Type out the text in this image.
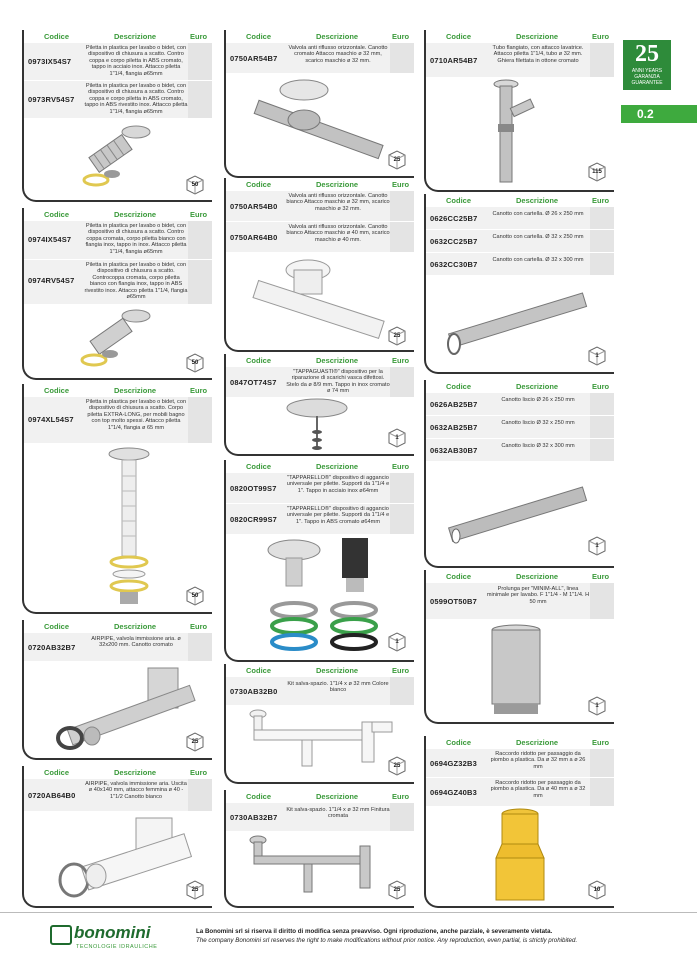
Codice	Descrizione	Euro
0973IX54S7
Piletta in plastica per lavabo o bidet, con dispositivo di chiusura a scatto. Contro coppa e corpo piletta in ABS cromato, tappo in acciaio inox. Attacco piletta 1"1/4, flangia ø65mm
0973RV54S7
Piletta in plastica per lavabo o bidet, con dispositivo di chiusura a scatto. Contro coppa e corpo piletta in ABS cromato, tappo in ABS rivestito inox. Attacco piletta 1"1/4, flangia ø65mm
50
Codice	Descrizione	Euro
0974IX54S7
Piletta in plastica per lavabo o bidet, con dispositivo di chiusura a scatto. Contro coppa cromata, corpo piletta bianco con flangia inox, tappo in inox. Attacco piletta 1"1/4, flangia ø65mm
0974RV54S7
Piletta in plastica per lavabo o bidet, con dispositivo di chiusura a scatto. Controcoppa cromata, corpo piletta bianco con flangia inox, tappo in ABS rivestito inox. Attacco piletta 1"1/4, flangia ø65mm
50
Codice	Descrizione	Euro
0974XL54S7
Piletta in plastica per lavabo o bidet, con dispositivo di chiusura a scatto. Corpo piletta EXTRA-LONG, per mobili bagno con top molto spessi. Attacco piletta 1"1/4, flangia ø 65 mm
50
Codice	Descrizione	Euro
0720AB32B7
AIRPIPE, valvola immissione aria. ø 32x200 mm. Canotto cromato
25
Codice	Descrizione	Euro
0720AB64B0
AIRPIPE, valvola immissione aria. Uscita ø 40x140 mm, attacco femmina ø 40 - 1"1/2 Canotto bianco
25
Codice	Descrizione	Euro
0750AR54B7
Valvola anti riflusso orizzontale. Canotto cromato Attacco maschio ø 32 mm, scarico maschio ø 32 mm.
25
Codice	Descrizione	Euro
0750AR54B0
Valvola anti riflusso orizzontale. Canotto bianco Attacco maschio ø 32 mm, scarico maschio ø 32 mm.
0750AR64B0
Valvola anti riflusso orizzontale. Canotto bianco Attacco maschio ø 40 mm, scarico maschio ø 40 mm.
25
Codice	Descrizione	Euro
0847OT74S7
"TAPPAGUASTI®" dispositivo per la riparazione di scarichi vasca difettosi. Stelo da ø 8/9 mm. Tappo in inox cromato ø 74 mm
1
Codice	Descrizione	Euro
0820OT99S7
"TAPPARELLO®" dispositivo di aggancio universale per pilette. Supporti da 1"1/4 e 1". Tappo in acciaio inox ø64mm
0820CR99S7
"TAPPARELLO®" dispositivo di aggancio universale per pilette. Supporti da 1"1/4 e 1". Tappo in ABS cromato ø64mm
1
Codice	Descrizione	Euro
0730AB32B0
Kit salva-spazio. 1"1/4 x ø 32 mm Colore bianco
25
Codice	Descrizione	Euro
0730AB32B7
Kit salva-spazio. 1"1/4 x ø 32 mm Finitura cromata
25
Codice	Descrizione	Euro
0710AR54B7
Tubo flangiato, con attacco lavatrice. Attacco piletta 1"1/4, tubo ø 32 mm. Ghiera filettata in ottone cromato
115
Codice	Descrizione	Euro
0626CC25B7	Canotto con cartella. Ø 26 x 250 mm
0632CC25B7	Canotto con cartella. Ø 32 x 250 mm
0632CC30B7	Canotto con cartella. Ø 32 x 300 mm
1
Codice	Descrizione	Euro
0626AB25B7	Canotto liscio Ø 26 x 250 mm
0632AB25B7	Canotto liscio Ø 32 x 250 mm
0632AB30B7	Canotto liscio Ø 32 x 300 mm
1
Codice	Descrizione	Euro
0599OT50B7
Prolunga per "MINIM-ALL", linea minimale per lavabo. F 1"1/4 - M 1"1/4. H 50 mm
1
Codice	Descrizione	Euro
0694GZ32B3
Raccordo ridotto per passaggio da piombo a plastica. Da ø 32 mm a ø 26 mm
0694GZ40B3
Raccordo ridotto per passaggio da piombo a plastica. Da ø 40 mm a ø 32 mm
10
25
ANNI YEARS
GARANZIA
GUARANTEE
0.2
bonomini
TECNOLOGIE IDRAULICHE
La Bonomini srl si riserva il diritto di modifica senza preavviso. Ogni riproduzione, anche parziale, è severamente vietata.
The company Bonomini srl reserves the right to make modifications without prior notice. Any reproduction, even partial, is strictly prohibited.
